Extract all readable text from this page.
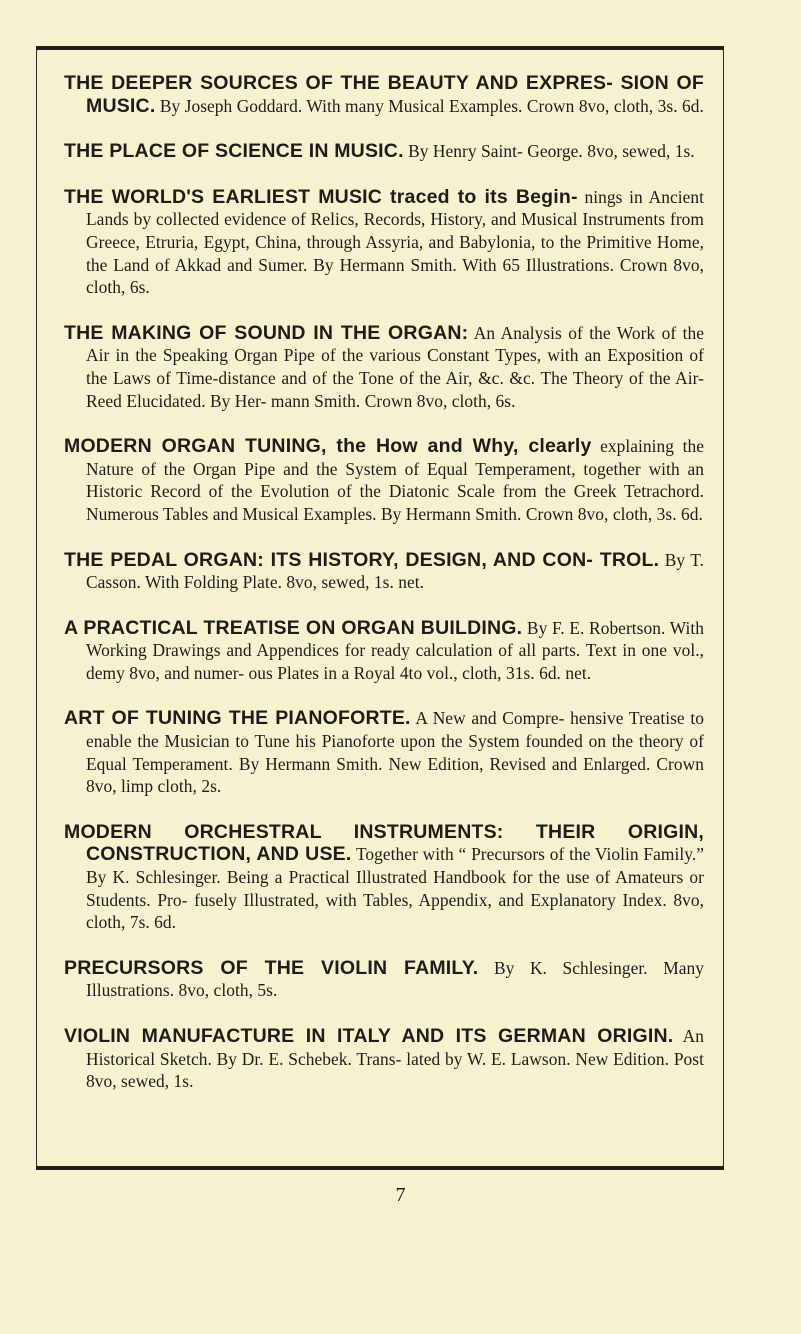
THE DEEPER SOURCES OF THE BEAUTY AND EXPRES- SION OF MUSIC. By Joseph Goddard. With many Musical Examples. Crown 8vo, cloth, 3s. 6d.

THE PLACE OF SCIENCE IN MUSIC. By Henry Saint- George. 8vo, sewed, 1s.

THE WORLD'S EARLIEST MUSIC traced to its Begin- nings in Ancient Lands by collected evidence of Relics, Records, History, and Musical Instruments from Greece, Etruria, Egypt, China, through Assyria, and Babylonia, to the Primitive Home, the Land of Akkad and Sumer. By Hermann Smith. With 65 Illustrations. Crown 8vo, cloth, 6s.

THE MAKING OF SOUND IN THE ORGAN: An Analysis of the Work of the Air in the Speaking Organ Pipe of the various Constant Types, with an Exposition of the Laws of Time-distance and of the Tone of the Air, &c. &c. The Theory of the Air-Reed Elucidated. By Her- mann Smith. Crown 8vo, cloth, 6s.

MODERN ORGAN TUNING, the How and Why, clearly explaining the Nature of the Organ Pipe and the System of Equal Temperament, together with an Historic Record of the Evolution of the Diatonic Scale from the Greek Tetrachord. Numerous Tables and Musical Examples. By Hermann Smith. Crown 8vo, cloth, 3s. 6d.

THE PEDAL ORGAN: ITS HISTORY, DESIGN, AND CON- TROL. By T. Casson. With Folding Plate. 8vo, sewed, 1s. net.

A PRACTICAL TREATISE ON ORGAN BUILDING. By F. E. Robertson. With Working Drawings and Appendices for ready calculation of all parts. Text in one vol., demy 8vo, and numer- ous Plates in a Royal 4to vol., cloth, 31s. 6d. net.

ART OF TUNING THE PIANOFORTE. A New and Compre- hensive Treatise to enable the Musician to Tune his Pianoforte upon the System founded on the theory of Equal Temperament. By Hermann Smith. New Edition, Revised and Enlarged. Crown 8vo, limp cloth, 2s.

MODERN ORCHESTRAL INSTRUMENTS: THEIR ORIGIN, CONSTRUCTION, AND USE. Together with “ Precursors of the Violin Family.” By K. Schlesinger. Being a Practical Illustrated Handbook for the use of Amateurs or Students. Pro- fusely Illustrated, with Tables, Appendix, and Explanatory Index. 8vo, cloth, 7s. 6d.

PRECURSORS OF THE VIOLIN FAMILY. By K. Schlesinger. Many Illustrations. 8vo, cloth, 5s.

VIOLIN MANUFACTURE IN ITALY AND ITS GERMAN ORIGIN. An Historical Sketch. By Dr. E. Schebek. Trans- lated by W. E. Lawson. New Edition. Post 8vo, sewed, 1s.

7
